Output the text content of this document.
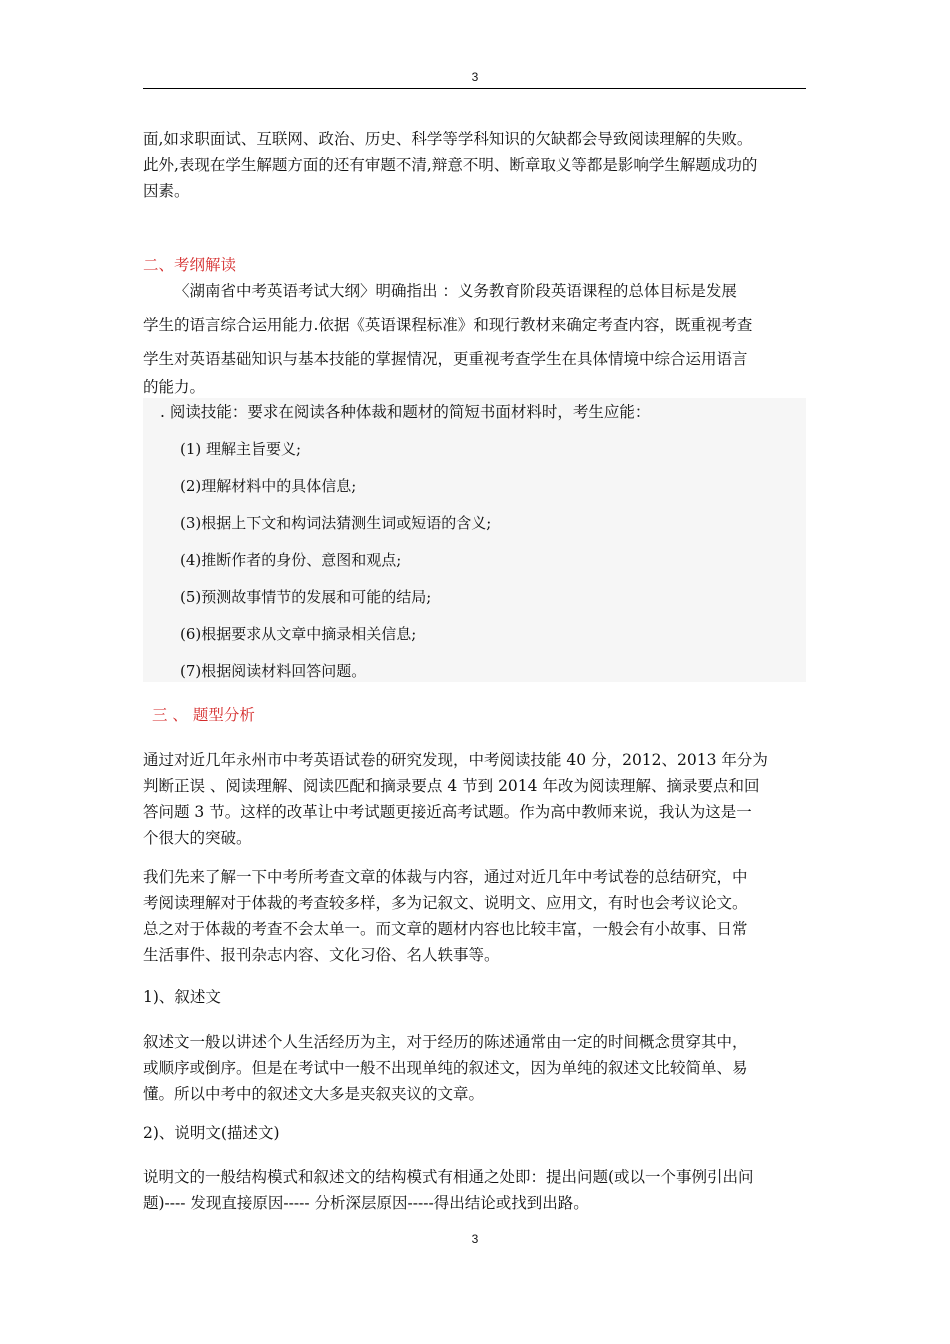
3

面,如求职面试、互联网、政治、历史、科学等学科知识的欠缺都会导致阅读理解的失败。

此外,表现在学生解题方面的还有审题不清,辩意不明、断章取义等都是影响学生解题成功的

因素。

二、考纲解读

〈湖南省中考英语考试大纲〉明确指出 ：义务教育阶段英语课程的总体目标是发展

学生的语言综合运用能力.依据《英语课程标准》和现行教材来确定考查内容，既重视考查

学生对英语基础知识与基本技能的掌握情况，更重视考查学生在具体情境中综合运用语言

的能力。

. 阅读技能：要求在阅读各种体裁和题材的简短书面材料时，考生应能：
(1) 理解主旨要义;
(2)理解材料中的具体信息;
(3)根据上下文和构词法猜测生词或短语的含义;
(4)推断作者的身份、意图和观点;
(5)预测故事情节的发展和可能的结局;
(6)根据要求从文章中摘录相关信息;
(7)根据阅读材料回答问题。
三 、 题型分析

通过对近几年永州市中考英语试卷的研究发现，中考阅读技能 40 分，2012、2013 年分为

判断正误 、阅读理解、阅读匹配和摘录要点 4 节到 2014 年改为阅读理解、摘录要点和回

答问题 3 节。这样的改革让中考试题更接近高考试题。作为高中教师来说，我认为这是一

个很大的突破。

我们先来了解一下中考所考查文章的体裁与内容，通过对近几年中考试卷的总结研究，中

考阅读理解对于体裁的考查较多样，多为记叙文、说明文、应用文，有时也会考议论文。

总之对于体裁的考查不会太单一。而文章的题材内容也比较丰富，一般会有小故事、日常

生活事件、报刊杂志内容、文化习俗、名人轶事等。

1)、叙述文

叙述文一般以讲述个人生活经历为主，对于经历的陈述通常由一定的时间概念贯穿其中，

或顺序或倒序。但是在考试中一般不出现单纯的叙述文，因为单纯的叙述文比较简单、易

懂。所以中考中的叙述文大多是夹叙夹议的文章。

2)、说明文(描述文)

说明文的一般结构模式和叙述文的结构模式有相通之处即：提出问题(或以一个事例引出问

题)---- 发现直接原因----- 分析深层原因-----得出结论或找到出路。

3
